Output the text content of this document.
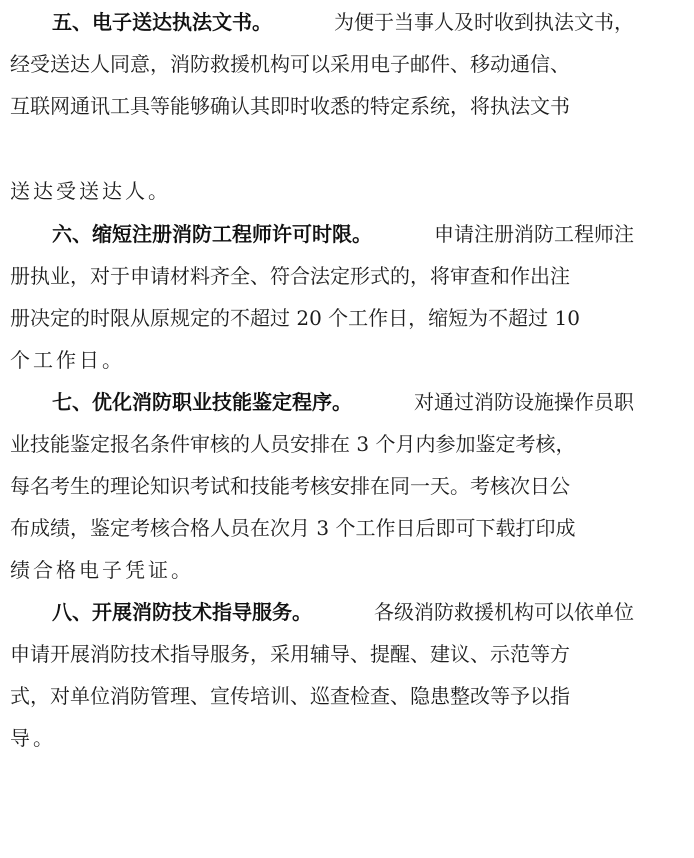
五、电子送达执法文书。	为便于当事人及时收到执法文书，
经受送达人同意，消防救援机构可以采用电子邮件、移动通信、
互联网通讯工具等能够确认其即时收悉的特定系统，将执法文书
送达受送达人。
六、缩短注册消防工程师许可时限。	申请注册消防工程师注
册执业，对于申请材料齐全、符合法定形式的，将审查和作出注
册决定的时限从原规定的不超过 20 个工作日，缩短为不超过 10
个工作日。
七、优化消防职业技能鉴定程序。	对通过消防设施操作员职
业技能鉴定报名条件审核的人员安排在 3 个月内参加鉴定考核，
每名考生的理论知识考试和技能考核安排在同一天。考核次日公
布成绩，鉴定考核合格人员在次月 3 个工作日后即可下载打印成
绩合格电子凭证。
八、开展消防技术指导服务。	各级消防救援机构可以依单位
申请开展消防技术指导服务，采用辅导、提醒、建议、示范等方
式，对单位消防管理、宣传培训、巡查检查、隐患整改等予以指
导。
